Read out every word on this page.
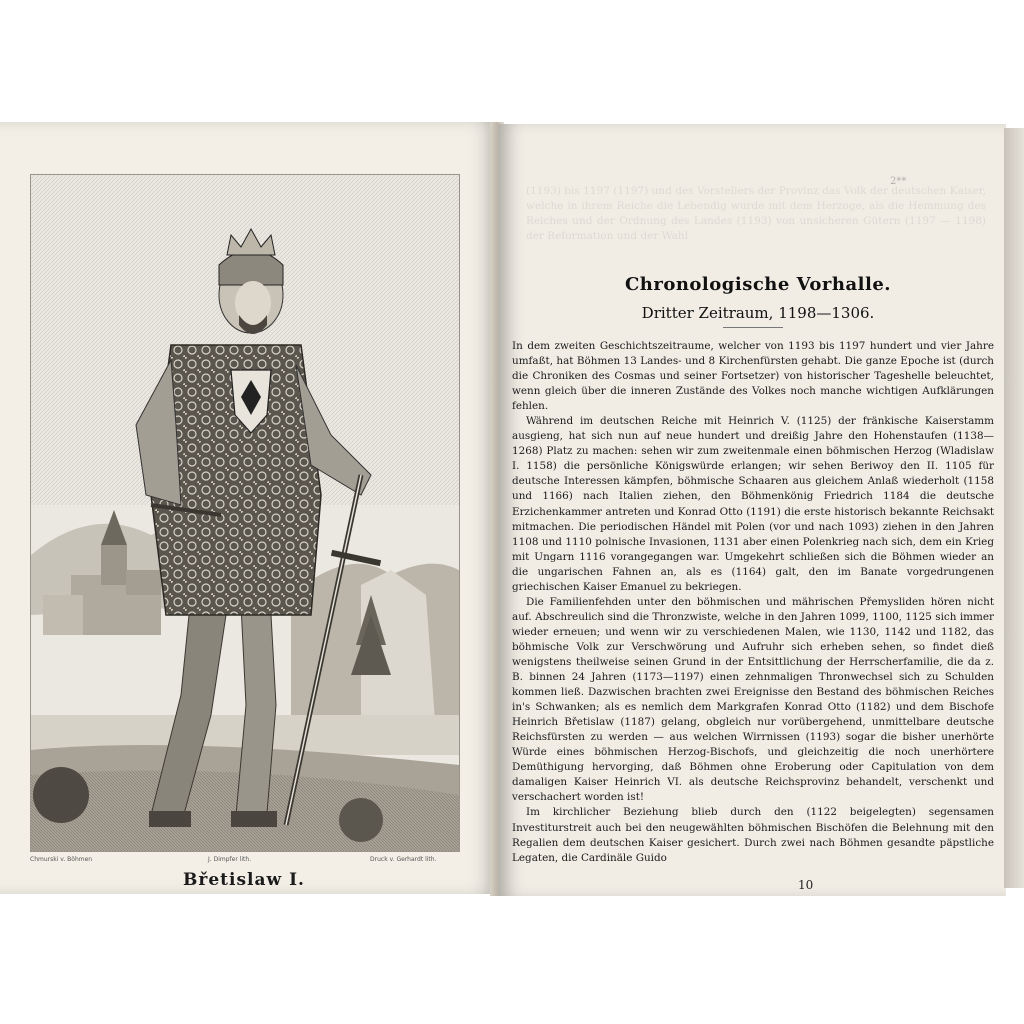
Chmurski v. Böhmen	J. Dimpfer lith.	Druck v. Gerhardt lith.
Břetislaw I.
2**
(1193) bis 1197 (1197) und des Vorstellers der Provinz das Volk der deutschen Kaiser, welche in ihrem Reiche die Lebendig wurde mit dem Herzoge, als die Hemmung des Reiches und der Ordnung des Landes (1193) von unsicheren Gütern (1197 — 1198) der Reformation und der Wahl
Chronologische Vorhalle.
Dritter Zeitraum, 1198—1306.

In dem zweiten Geschichtszeitraume, welcher von 1193 bis 1197 hundert und vier Jahre umfaßt, hat Böhmen 13 Landes- und 8 Kirchenfürsten gehabt. Die ganze Epoche ist (durch die Chroniken des Cosmas und seiner Fortsetzer) von historischer Tageshelle beleuchtet, wenn gleich über die inneren Zustände des Volkes noch manche wichtigen Aufklärungen fehlen.

Während im deutschen Reiche mit Heinrich V. (1125) der fränkische Kaiserstamm ausgieng, hat sich nun auf neue hundert und dreißig Jahre den Hohenstaufen (1138—1268) Platz zu machen: sehen wir zum zweitenmale einen böhmischen Herzog (Wladislaw I. 1158) die persönliche Königswürde erlangen; wir sehen Beriwoy den II. 1105 für deutsche Interessen kämpfen, böhmische Schaaren aus gleichem Anlaß wiederholt (1158 und 1166) nach Italien ziehen, den Böhmenkönig Friedrich 1184 die deutsche Erzichenkammer antreten und Konrad Otto (1191) die erste historisch bekannte Reichsakt mitmachen. Die periodischen Händel mit Polen (vor und nach 1093) ziehen in den Jahren 1108 und 1110 polnische Invasionen, 1131 aber einen Polenkrieg nach sich, dem ein Krieg mit Ungarn 1116 vorangegangen war. Umgekehrt schließen sich die Böhmen wieder an die ungarischen Fahnen an, als es (1164) galt, den im Banate vorgedrungenen griechischen Kaiser Emanuel zu bekriegen.

Die Familienfehden unter den böhmischen und mährischen Přemysliden hören nicht auf. Abschreulich sind die Thronzwiste, welche in den Jahren 1099, 1100, 1125 sich immer wieder erneuen; und wenn wir zu verschiedenen Malen, wie 1130, 1142 und 1182, das böhmische Volk zur Verschwörung und Aufruhr sich erheben sehen, so findet dieß wenigstens theilweise seinen Grund in der Entsittlichung der Herrscherfamilie, die da z. B. binnen 24 Jahren (1173—1197) einen zehnmaligen Thronwechsel sich zu Schulden kommen ließ. Dazwischen brachten zwei Ereignisse den Bestand des böhmischen Reiches in's Schwanken; als es nemlich dem Markgrafen Konrad Otto (1182) und dem Bischofe Heinrich Břetislaw (1187) gelang, obgleich nur vorübergehend, unmittelbare deutsche Reichsfürsten zu werden — aus welchen Wirrnissen (1193) sogar die bisher unerhörte Würde eines böhmischen Herzog-Bischofs, und gleichzeitig die noch unerhörtere Demüthigung hervorging, daß Böhmen ohne Eroberung oder Capitulation von dem damaligen Kaiser Heinrich VI. als deutsche Reichsprovinz behandelt, verschenkt und verschachert worden ist!

Im kirchlicher Beziehung blieb durch den (1122 beigelegten) segensamen Investiturstreit auch bei den neugewählten böhmischen Bischöfen die Belehnung mit den Regalien dem deutschen Kaiser gesichert. Durch zwei nach Böhmen gesandte päpstliche Legaten, die Cardinäle Guido

10
